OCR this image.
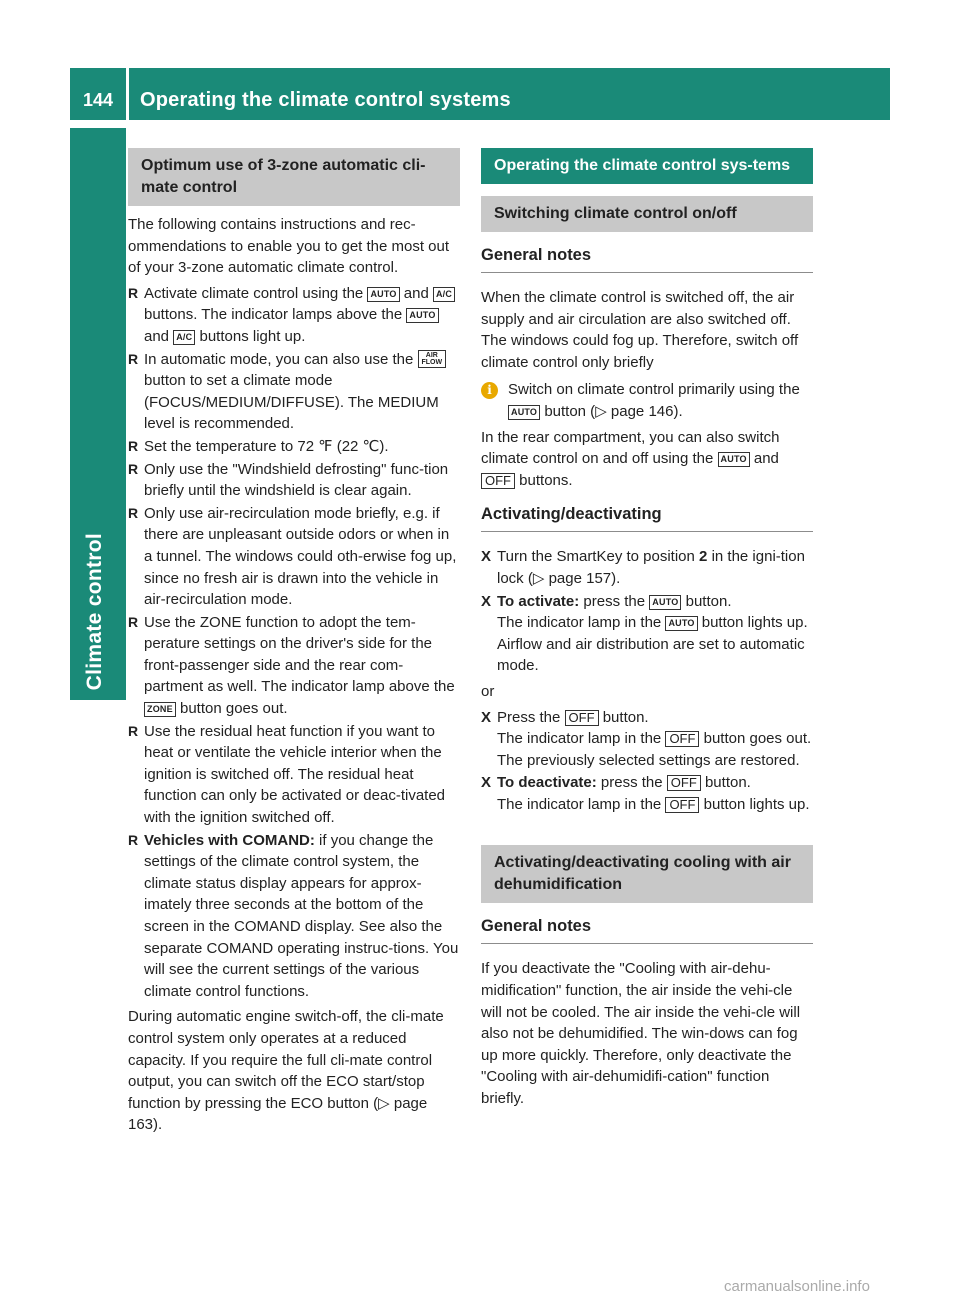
144	Operating the climate control systems
Climate control
Optimum use of 3-zone automatic cli-mate control

The following contains instructions and rec-ommendations to enable you to get the most out of your 3-zone automatic climate control.

R Activate climate control using the AUTO and A/C buttons. The indicator lamps above the AUTO and A/C buttons light up.
R In automatic mode, you can also use the AIR
FLOW button to set a climate mode (FOCUS/MEDIUM/DIFFUSE). The MEDIUM level is recommended.
R Set the temperature to 72 ℉ (22 ℃).
R Only use the "Windshield defrosting" func-tion briefly until the windshield is clear again.
R Only use air-recirculation mode briefly, e.g. if there are unpleasant outside odors or when in a tunnel. The windows could oth-erwise fog up, since no fresh air is drawn into the vehicle in air-recirculation mode.
R Use the ZONE function to adopt the tem-perature settings on the driver's side for the front-passenger side and the rear com-partment as well. The indicator lamp above the ZONE button goes out.
R Use the residual heat function if you want to heat or ventilate the vehicle interior when the ignition is switched off. The residual heat function can only be activated or deac-tivated with the ignition switched off.
R Vehicles with COMAND: if you change the settings of the climate control system, the climate status display appears for approx-imately three seconds at the bottom of the screen in the COMAND display. See also the separate COMAND operating instruc-tions. You will see the current settings of the various climate control functions.

During automatic engine switch-off, the cli-mate control system only operates at a reduced capacity. If you require the full cli-mate control output, you can switch off the ECO start/stop function by pressing the ECO button (▷ page 163).

Operating the climate control sys-tems
Switching climate control on/off
General notes

When the climate control is switched off, the air supply and air circulation are also switched off. The windows could fog up. Therefore, switch off climate control only briefly

i	Switch on climate control primarily using the AUTO button (▷ page 146).

In the rear compartment, you can also switch climate control on and off using the AUTO and OFF buttons.

Activating/deactivating
X Turn the SmartKey to position 2 in the igni-tion lock (▷ page 157).
X To activate: press the AUTO button.
The indicator lamp in the AUTO button lights up. Airflow and air distribution are set to automatic mode.

or

X Press the OFF button.
The indicator lamp in the OFF button goes out. The previously selected settings are restored.
X To deactivate: press the OFF button.
The indicator lamp in the OFF button lights up.
Activating/deactivating cooling with air dehumidification
General notes

If you deactivate the "Cooling with air-dehu-midification" function, the air inside the vehi-cle will not be cooled. The air inside the vehi-cle will also not be dehumidified. The win-dows can fog up more quickly. Therefore, only deactivate the "Cooling with air-dehumidifi-cation" function briefly.

carmanualsonline.info
